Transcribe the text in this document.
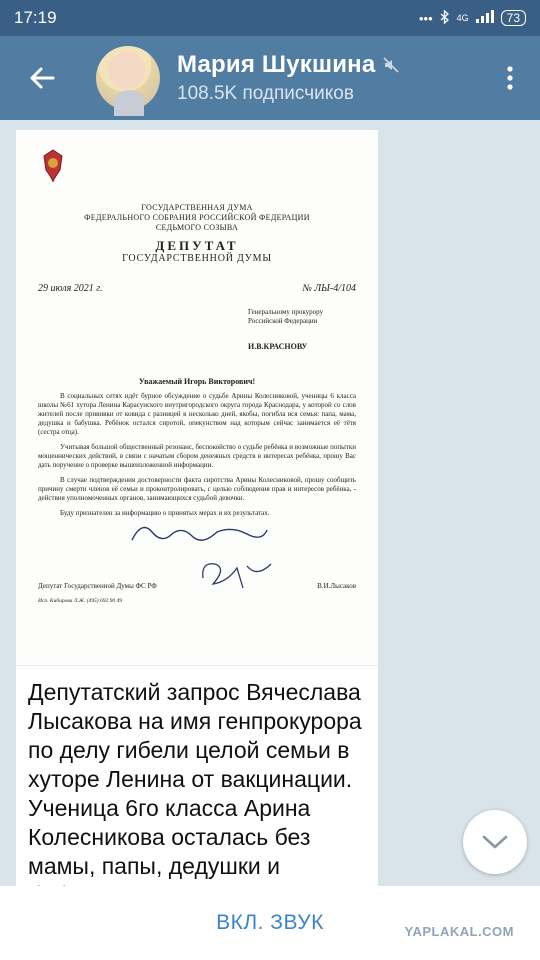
17:19	•••	4G	73
Мария Шукшина
108.5K подписчиков
ГОСУДАРСТВЕННАЯ ДУМА
ФЕДЕРАЛЬНОГО СОБРАНИЯ РОССИЙСКОЙ ФЕДЕРАЦИИ
СЕДЬМОГО СОЗЫВА
ДЕПУТАТ
ГОСУДАРСТВЕННОЙ ДУМЫ
29 июля 2021 г.	№ ЛЫ-4/104
Генеральному прокурору
Российской Федерации
И.В.КРАСНОВУ
Уважаемый Игорь Викторович!

В социальных сетях идёт бурное обсуждение о судьбе Арины Колесниковой, ученицы 6 класса школы №61 хутора Ленина Карасунского внутригородского округа города Краснодара, у которой со слов жителей после прививки от ковида с разницей в несколько дней, якобы, погибла вся семья: папа, мама, дедушка и бабушка. Ребёнок остался сиротой, опекунством над которым сейчас занимается её тётя (сестра отца).

Учитывая большой общественный резонанс, беспокойство о судьбе ребёнка и возможные попытки мошеннических действий, в связи с начатым сбором денежных средств в интересах ребёнка, прошу Вас дать поручение о проверке вышеизложенной информации.

В случае подтверждения достоверности факта сиротства Арины Колесниковой, прошу сообщить причину смерти членов её семьи и проконтролировать, с целью соблюдения прав и интересов ребёнка, - действия уполномоченных органов, занимающихся судьбой девочки.

Буду признателен за информацию о принятых мерах и их результатах.

Депутат Государственной Думы ФС РФ	В.И.Лысаков
Исп. Кибирова Л.Ж. (495) 692 90 49
Депутатский запрос Вячеслава Лысакова на имя генпрокурора по делу гибели целой семьи в хуторе Ленина от вакцинации. Ученица 6го класса Арина Колесникова осталась без мамы, папы, дедушки и
ВКЛ. ЗВУК	YAPLAKAL.COM
